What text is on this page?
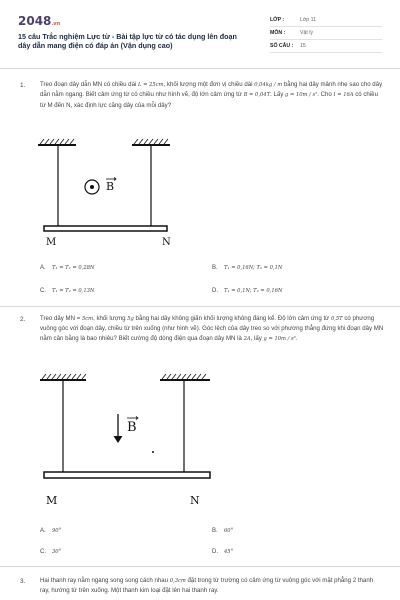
2048.vn
15 câu Trắc nghiệm Lực từ - Bài tập lực từ có tác dụng lên đoạn dây dẫn mang điện có đáp án (Vận dụng cao)
LỚP :	Lớp 11
MÔN :	Vật lý
SỐ CÂU : 15
1. Treo đoạn dây dẫn MN có chiều dài L = 25cm, khối lượng một đơn vị chiều dài 0,04kg / m bằng hai dây mảnh nhẹ sao cho dây dẫn nằm ngang. Biết cảm ứng từ có chiều như hình vẽ, độ lớn cảm ứng từ B = 0,04T. Lấy g = 10m / s². Cho I = 16A có chiều từ M đến N, xác định lực căng dây của mỗi dây?
B
M	N
A. T₁ = T₂ = 0,28N	B. T₁ = 0,16N; T₂ = 0,1N
C. T₁ = T₂ = 0,13N	D. T₁ = 0,1N; T₂ = 0,16N
2. Treo dây MN = 5cm, khối lượng 5g bằng hai dây không giãn khối lượng không đáng kể. Độ lớn cảm ứng từ 0,5T có phương vuông góc với đoạn dây, chiều từ trên xuống (như hình vẽ). Góc lệch của dây treo so với phương thẳng đứng khi đoạn dây MN nằm cân bằng là bao nhiêu? Biết cường độ dòng điện qua đoạn dây MN là 2A, lấy g = 10m / s².
B
M	N
A. 90°	B. 60°
C. 30°	D. 45°
3. Hai thanh ray nằm ngang song song cách nhau 0,3cm đặt trong từ trường có cảm ứng từ vuông góc với mặt phẳng 2 thanh ray, hướng từ trên xuống. Một thanh kim loại đặt lên hai thanh ray.
